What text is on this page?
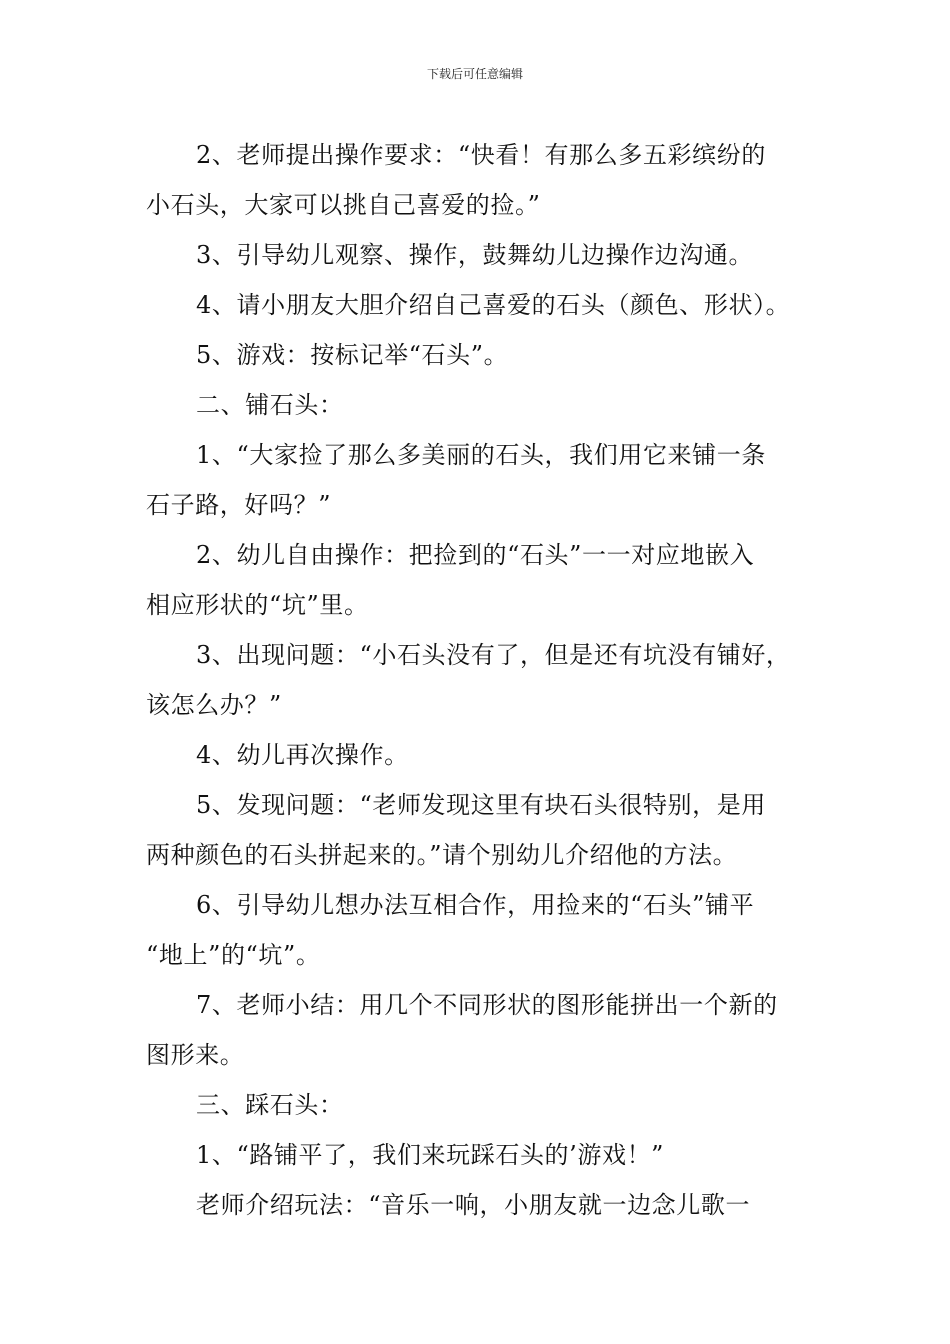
下载后可任意编辑

2、老师提出操作要求：“快看！有那么多五彩缤纷的

小石头，大家可以挑自己喜爱的捡。”

3、引导幼儿观察、操作，鼓舞幼儿边操作边沟通。

4、请小朋友大胆介绍自己喜爱的石头（颜色、形状）。

5、游戏：按标记举“石头”。

二、铺石头：

1、“大家捡了那么多美丽的石头，我们用它来铺一条

石子路，好吗？”

2、幼儿自由操作：把捡到的“石头”一一对应地嵌入

相应形状的“坑”里。

3、出现问题：“小石头没有了，但是还有坑没有铺好，

该怎么办？”

4、幼儿再次操作。

5、发现问题：“老师发现这里有块石头很特别，是用

两种颜色的石头拼起来的。”请个别幼儿介绍他的方法。

6、引导幼儿想办法互相合作，用捡来的“石头”铺平

“地上”的“坑”。

7、老师小结：用几个不同形状的图形能拼出一个新的

图形来。

三、踩石头：

1、“路铺平了，我们来玩踩石头的’游戏！”

老师介绍玩法：“音乐一响，小朋友就一边念儿歌一
